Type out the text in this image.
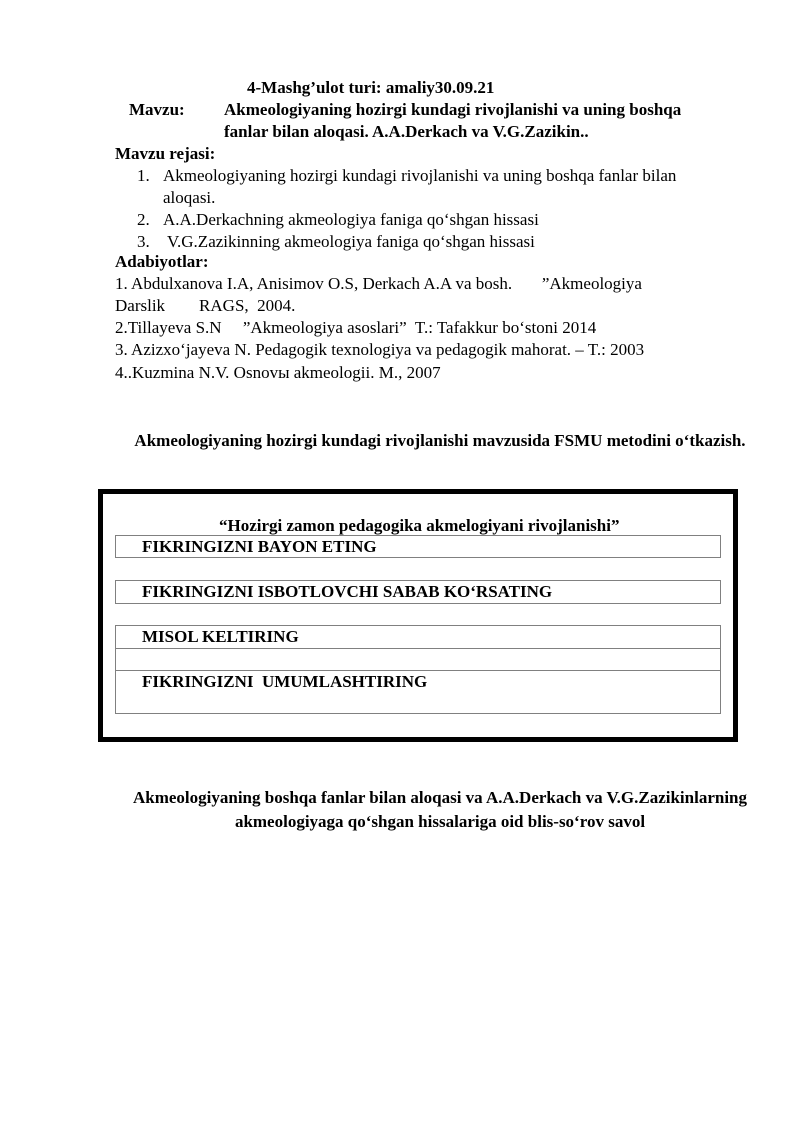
4-Mashg’ulot turi: amaliy30.09.21
Mavzu: Akmeologiyaning hozirgi kundagi rivojlanishi va uning boshqa
fanlar bilan aloqasi. A.A.Derkach va V.G.Zazikin..
Mavzu rejasi:
1. Akmeologiyaning hozirgi kundagi rivojlanishi va uning boshqa fanlar bilan
aloqasi.
2. A.A.Derkachning akmeologiya faniga qo‘shgan hissasi
3. V.G.Zazikinning akmeologiya faniga qo‘shgan hissasi
Adabiyotlar:
1. Abdulxanova I.A, Anisimov O.S, Derkach A.A va bosh.       ”Akmeologiya
Darslik        RAGS,  2004.
2.Tillayeva S.N     ”Akmeologiya asoslari”  T.: Tafakkur bo‘stoni 2014
3. Azizxo‘jayeva N. Pedagogik texnologiya va pedagogik mahorat. – T.: 2003
4..Kuzmina N.V. Osnovы akmeologii. M., 2007
Akmeologiyaning hozirgi kundagi rivojlanishi mavzusida FSMU metodini o‘tkazish.
“Hozirgi zamon pedagogika akmelogiyani rivojlanishi”
FIKRINGIZNI BAYON ETING
FIKRINGIZNI ISBOTLOVCHI SABAB KO‘RSATING
MISOL KELTIRING
FIKRINGIZNI  UMUMLASHTIRING
Akmeologiyaning boshqa fanlar bilan aloqasi va A.A.Derkach va V.G.Zazikinlarning akmeologiyaga qo‘shgan hissalariga oid blis-so‘rov savol
